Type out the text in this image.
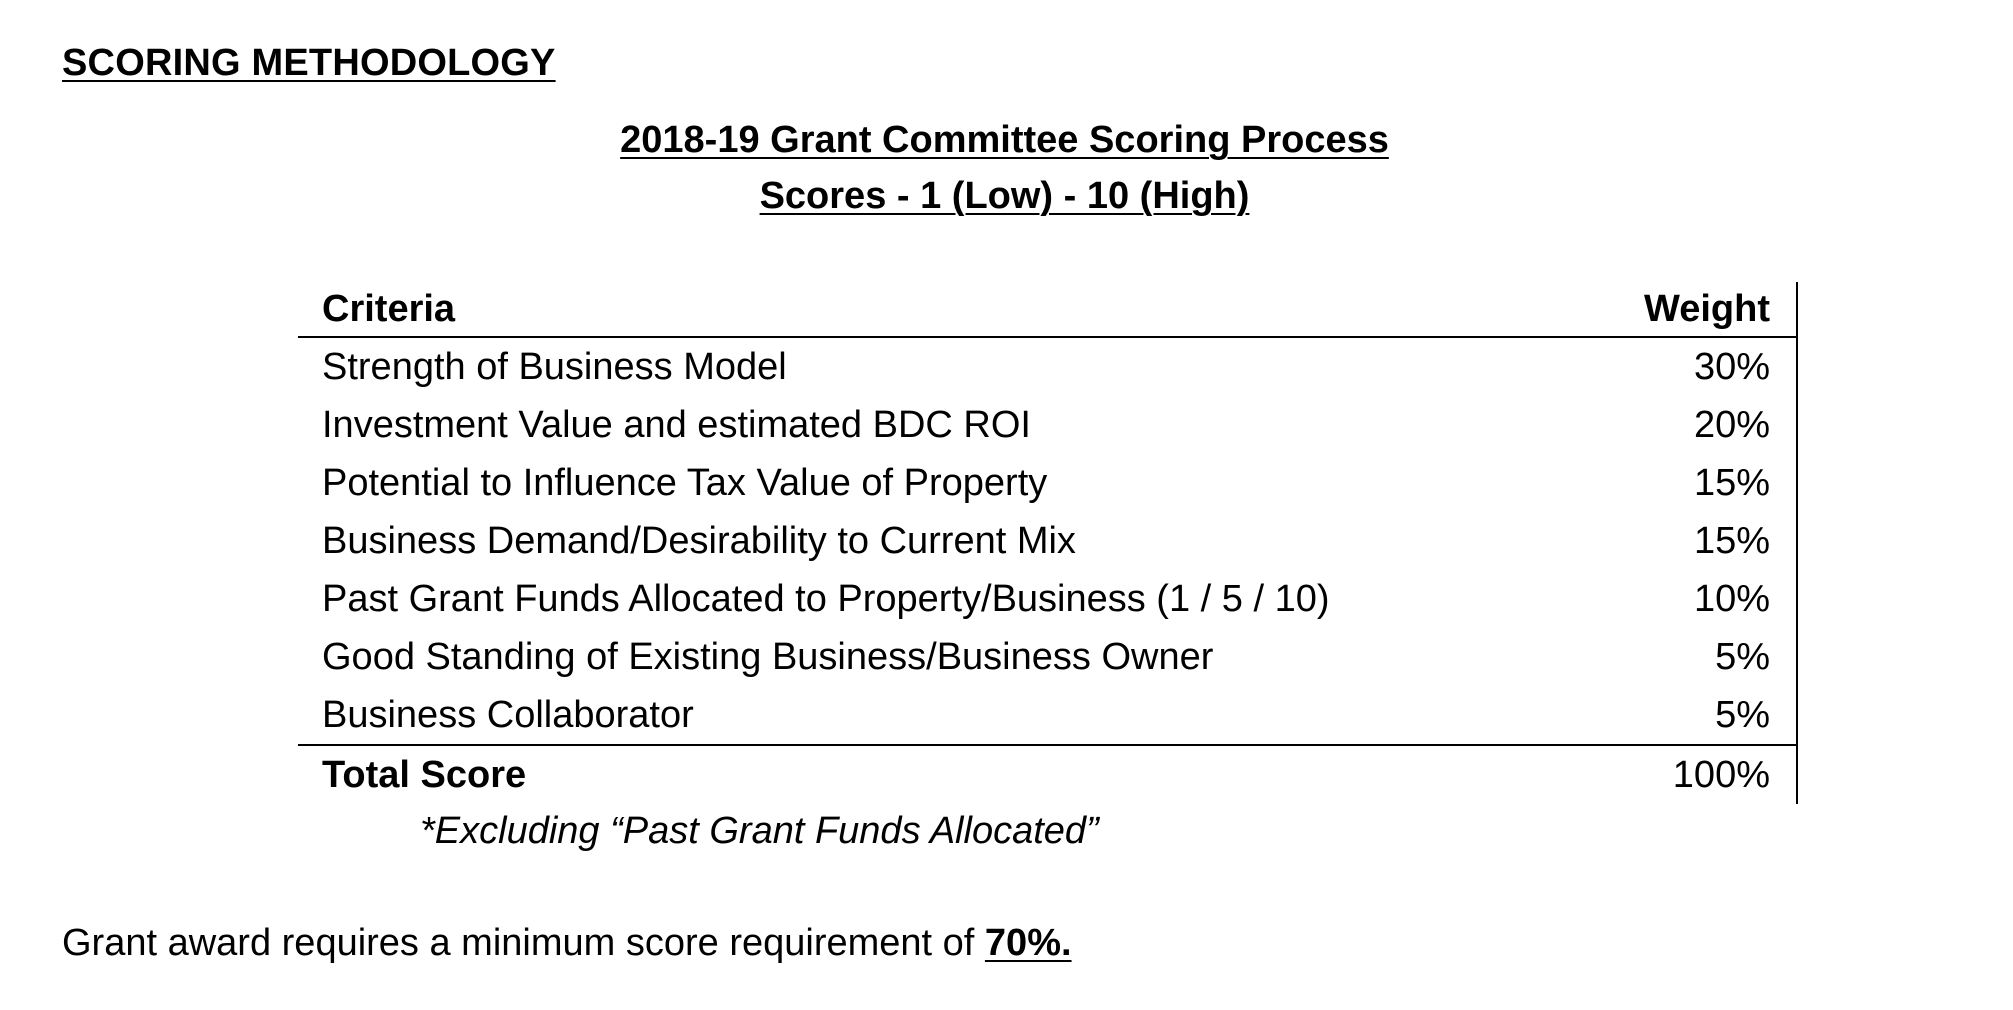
SCORING METHODOLOGY
2018-19 Grant Committee Scoring Process
Scores - 1 (Low) - 10 (High)
Criteria	Weight
Strength of Business Model	30%
Investment Value and estimated BDC ROI	20%
Potential to Influence Tax Value of Property	15%
Business Demand/Desirability to Current Mix	15%
Past Grant Funds Allocated to Property/Business (1 / 5 / 10)	10%
Good Standing of Existing Business/Business Owner	5%
Business Collaborator	5%
Total Score	100%
*Excluding “Past Grant Funds Allocated”
Grant award requires a minimum score requirement of 70%.
